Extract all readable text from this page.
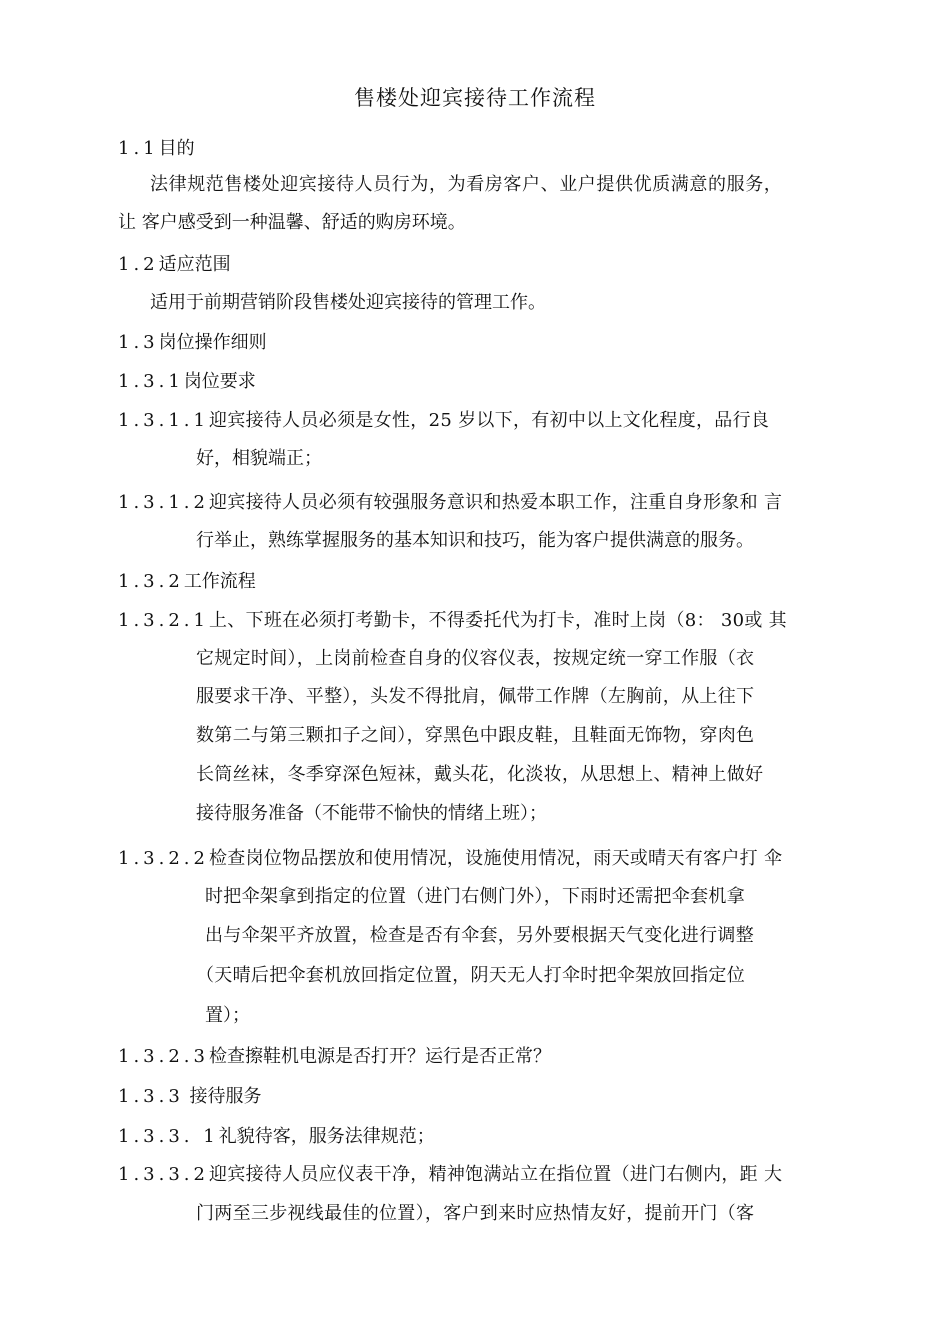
售楼处迎宾接待工作流程
1.1目的
法律规范售楼处迎宾接待人员行为，为看房客户、业户提供优质满意的服务，
让 客户感受到一种温馨、舒适的购房环境。
1.2适应范围
适用于前期营销阶段售楼处迎宾接待的管理工作。
1.3岗位操作细则
1.3.1岗位要求
1.3.1.1迎宾接待人员必须是女性，25 岁以下，有初中以上文化程度，品行良
好，相貌端正；
1.3.1.2迎宾接待人员必须有较强服务意识和热爱本职工作，注重自身形象和 言
行举止，熟练掌握服务的基本知识和技巧，能为客户提供满意的服务。
1.3.2工作流程
1.3.2.1上、下班在必须打考勤卡，不得委托代为打卡，准时上岗（8： 30或 其
它规定时间），上岗前检查自身的仪容仪表，按规定统一穿工作服（衣
服要求干净、平整），头发不得批肩，佩带工作牌（左胸前，从上往下
数第二与第三颗扣子之间），穿黑色中跟皮鞋，且鞋面无饰物，穿肉色
长筒丝袜，冬季穿深色短袜，戴头花，化淡妆，从思想上、精神上做好
接待服务准备（不能带不愉快的情绪上班）；
1.3.2.2检查岗位物品摆放和使用情况，设施使用情况，雨天或晴天有客户打 伞
时把伞架拿到指定的位置（进门右侧门外），下雨时还需把伞套机拿
出与伞架平齐放置，检查是否有伞套，另外要根据天气变化进行调整
（天晴后把伞套机放回指定位置，阴天无人打伞时把伞架放回指定位
置）；
1.3.2.3检查擦鞋机电源是否打开？运行是否正常？
1.3.3 接待服务
1.3.3. 1礼貌待客，服务法律规范；
1.3.3.2迎宾接待人员应仪表干净，精神饱满站立在指位置（进门右侧内，距 大
门两至三步视线最佳的位置），客户到来时应热情友好，提前开门（客
